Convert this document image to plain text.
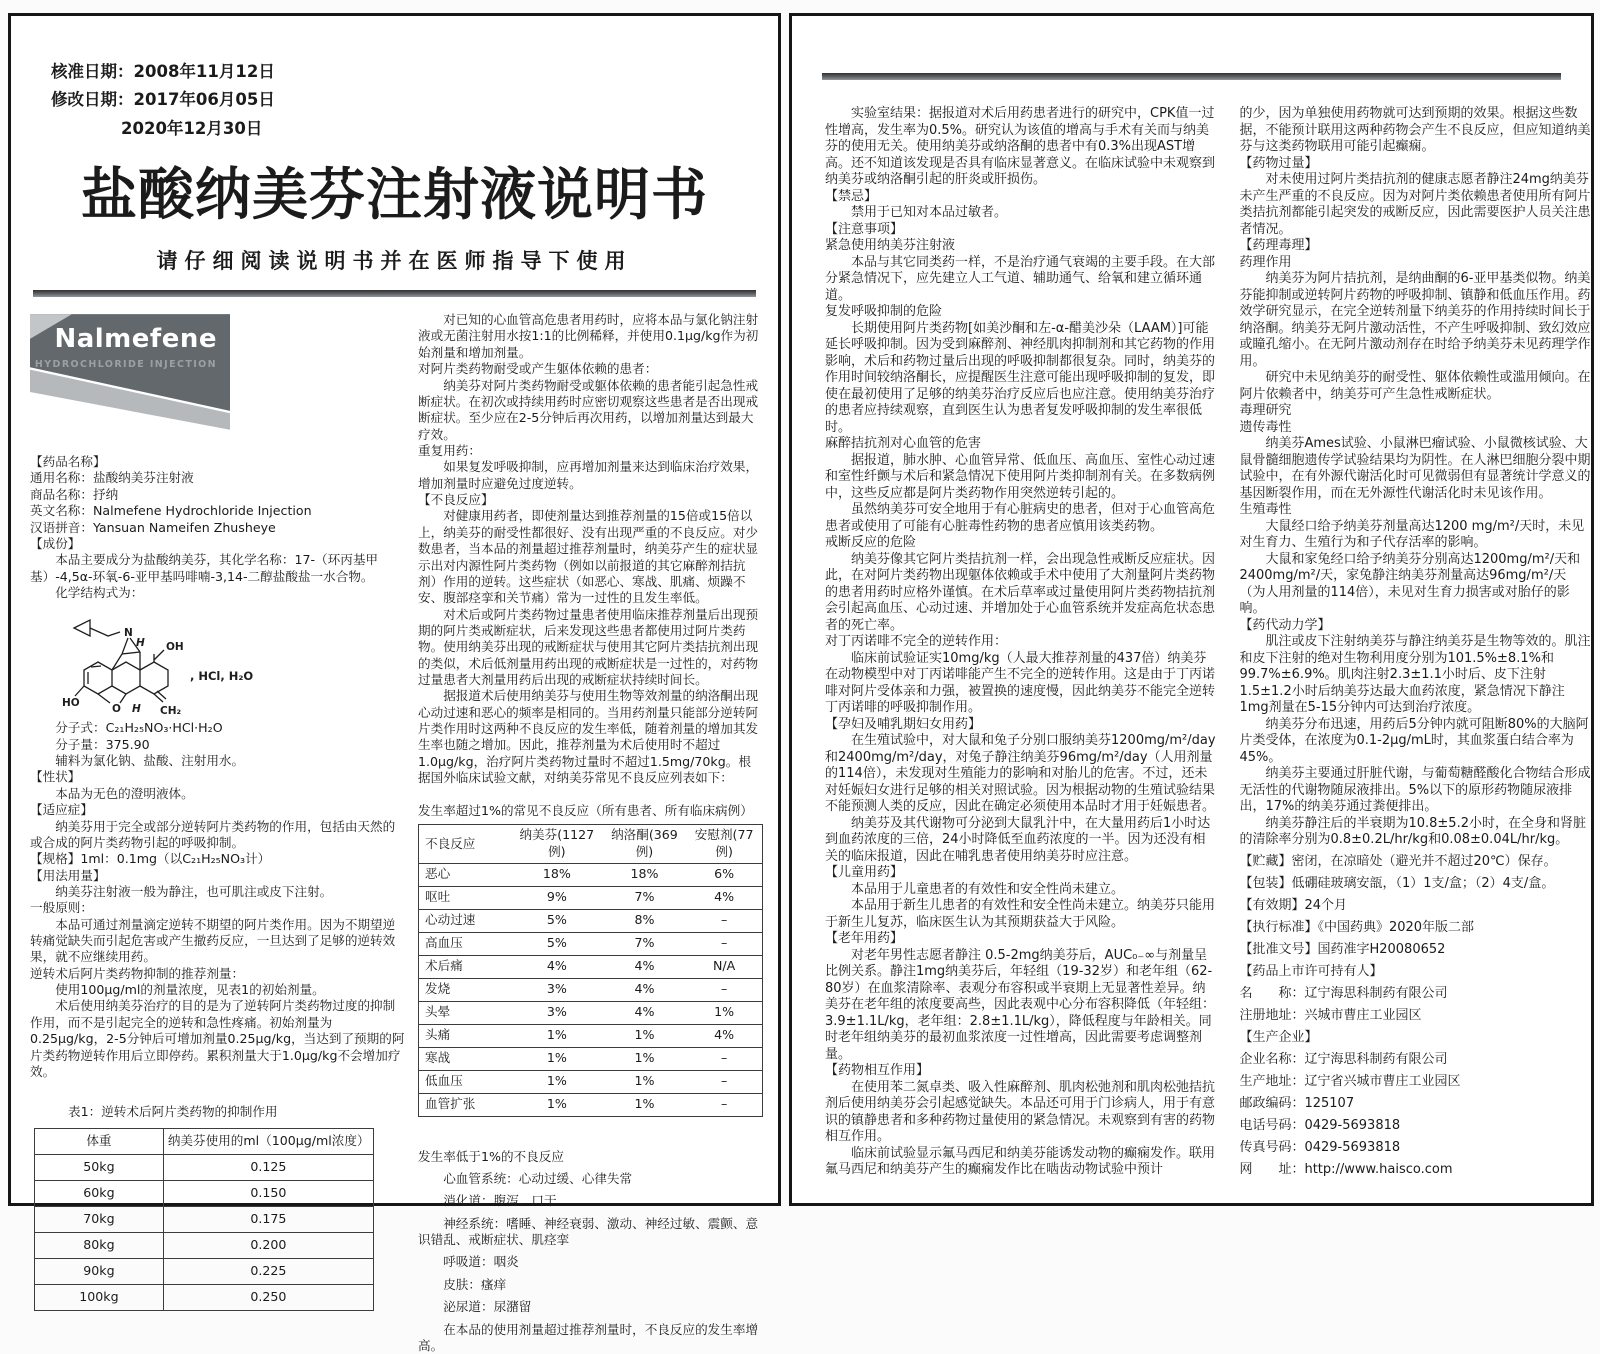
核准日期：2008年11月12日
修改日期：2017年06月05日
2020年12月30日
盐酸纳美芬注射液说明书
请仔细阅读说明书并在医师指导下使用
Nalmefene
HYDROCHLORIDE INJECTION
【药品名称】
通用名称：盐酸纳美芬注射液
商品名称：抒纳
英文名称：Nalmefene Hydrochloride Injection
汉语拼音：Yansuan Nameifen Zhusheye
【成份】
本品主要成分为盐酸纳美芬，其化学名称：17-（环丙基甲基）-4,5α-环氧-6-亚甲基吗啡喃-3,14-二醇盐酸盐一水合物。
化学结构式为：
N
H OH
HO	O H CH₂
, HCl, H₂O
分子式：C₂₁H₂₅NO₃·HCl·H₂O
分子量：375.90
辅料为氯化钠、盐酸、注射用水。
【性状】
本品为无色的澄明液体。
【适应症】
纳美芬用于完全或部分逆转阿片类药物的作用，包括由天然的或合成的阿片类药物引起的呼吸抑制。
【规格】1ml：0.1mg（以C₂₁H₂₅NO₃计）
【用法用量】
纳美芬注射液一般为静注，也可肌注或皮下注射。
一般原则：
本品可通过剂量滴定逆转不期望的阿片类作用。因为不期望逆转痛觉缺失而引起危害或产生撤药反应，一旦达到了足够的逆转效果，就不应继续用药。
逆转术后阿片类药物抑制的推荐剂量：
使用100μg/ml的剂量浓度，见表1的初始剂量。
术后使用纳美芬治疗的目的是为了逆转阿片类药物过度的抑制作用，而不是引起完全的逆转和急性疼痛。初始剂量为0.25μg/kg，2-5分钟后可增加剂量0.25μg/kg，当达到了预期的阿片类药物逆转作用后立即停药。累积剂量大于1.0μg/kg不会增加疗效。
表1：逆转术后阿片类药物的抑制作用
体重	纳美芬使用的ml（100μg/ml浓度）
50kg	0.125
60kg	0.150
70kg	0.175
80kg	0.200
90kg	0.225
100kg	0.250
对已知的心血管高危患者用药时，应将本品与氯化钠注射液或无菌注射用水按1:1的比例稀释，并使用0.1μg/kg作为初始剂量和增加剂量。
对阿片类药物耐受或产生躯体依赖的患者：
纳美芬对阿片类药物耐受或躯体依赖的患者能引起急性戒断症状。在初次或持续用药时应密切观察这些患者是否出现戒断症状。至少应在2-5分钟后再次用药，以增加剂量达到最大疗效。
重复用药：
如果复发呼吸抑制，应再增加剂量来达到临床治疗效果，增加剂量时应避免过度逆转。
【不良反应】
对健康用药者，即使剂量达到推荐剂量的15倍或15倍以上，纳美芬的耐受性都很好、没有出现严重的不良反应。对少数患者，当本品的剂量超过推荐剂量时，纳美芬产生的症状显示出对内源性阿片类药物（例如以前报道的其它麻醉剂拮抗剂）作用的逆转。这些症状（如恶心、寒战、肌痛、烦躁不安、腹部痉挛和关节痛）常为一过性的且发生率低。
对术后或阿片类药物过量患者使用临床推荐剂量后出现预期的阿片类戒断症状，后来发现这些患者都使用过阿片类药物。使用纳美芬出现的戒断症状与使用其它阿片类拮抗剂出现的类似，术后低剂量用药出现的戒断症状是一过性的，对药物过量患者大剂量用药后出现的戒断症状持续时间长。
据报道术后使用纳美芬与使用生物等效剂量的纳洛酮出现心动过速和恶心的频率是相同的。当用药剂量只能部分逆转阿片类作用时这两种不良反应的发生率低，随着剂量的增加其发生率也随之增加。因此，推荐剂量为术后使用时不超过1.0μg/kg，治疗阿片类药物过量时不超过1.5mg/70kg。根据国外临床试验文献，对纳美芬常见不良反应列表如下：
发生率超过1%的常见不良反应（所有患者、所有临床病例）
不良反应	纳美芬(1127例)	纳洛酮(369例)	安慰剂(77例)
恶心	18%	18%	6%
呕吐	9%	7%	4%
心动过速	5%	8%	–
高血压	5%	7%	–
术后痛	4%	4%	N/A
发烧	3%	4%	–
头晕	3%	4%	1%
头痛	1%	1%	4%
寒战	1%	1%	–
低血压	1%	1%	–
血管扩张	1%	1%	–
发生率低于1%的不良反应
心血管系统：心动过缓、心律失常
消化道：腹泻、口干
神经系统：嗜睡、神经衰弱、激动、神经过敏、震颤、意识错乱、戒断症状、肌痉挛
呼吸道：咽炎
皮肤：瘙痒
泌尿道：尿潴留
在本品的使用剂量超过推荐剂量时，不良反应的发生率增高。
实验室结果：据报道对术后用药患者进行的研究中，CPK值一过性增高，发生率为0.5%。研究认为该值的增高与手术有关而与纳美芬的使用无关。使用纳美芬或纳洛酮的患者中有0.3%出现AST增高。还不知道该发现是否具有临床显著意义。在临床试验中未观察到纳美芬或纳洛酮引起的肝炎或肝损伤。
【禁忌】
禁用于已知对本品过敏者。
【注意事项】
紧急使用纳美芬注射液
本品与其它同类药一样，不是治疗通气衰竭的主要手段。在大部分紧急情况下，应先建立人工气道、辅助通气、给氧和建立循环通道。
复发呼吸抑制的危险
长期使用阿片类药物[如美沙酮和左-α-醋美沙朵（LAAM）]可能延长呼吸抑制。因为受到麻醉剂、神经肌肉抑制剂和其它药物的作用影响，术后和药物过量后出现的呼吸抑制都很复杂。同时，纳美芬的作用时间较纳洛酮长，应提醒医生注意可能出现呼吸抑制的复发，即使在最初使用了足够的纳美芬治疗反应后也应注意。使用纳美芬治疗的患者应持续观察，直到医生认为患者复发呼吸抑制的发生率很低时。
麻醉拮抗剂对心血管的危害
据报道，肺水肿、心血管异常、低血压、高血压、室性心动过速和室性纤颤与术后和紧急情况下使用阿片类抑制剂有关。在多数病例中，这些反应都是阿片类药物作用突然逆转引起的。
虽然纳美芬可安全地用于有心脏病史的患者，但对于心血管高危患者或使用了可能有心脏毒性药物的患者应慎用该类药物。
戒断反应的危险
纳美芬像其它阿片类拮抗剂一样，会出现急性戒断反应症状。因此，在对阿片类药物出现躯体依赖或手术中使用了大剂量阿片类药物的患者用药时应格外谨慎。在术后草率或过量使用阿片类药物拮抗剂会引起高血压、心动过速、并增加处于心血管系统并发症高危状态患者的死亡率。
对丁丙诺啡不完全的逆转作用：
临床前试验证实10mg/kg（人最大推荐剂量的437倍）纳美芬在动物模型中对丁丙诺啡能产生不完全的逆转作用。这是由于丁丙诺啡对阿片受体亲和力强，被置换的速度慢，因此纳美芬不能完全逆转丁丙诺啡的呼吸抑制作用。
【孕妇及哺乳期妇女用药】
在生殖试验中，对大鼠和兔子分别口服纳美芬1200mg/m²/day和2400mg/m²/day，对兔子静注纳美芬96mg/m²/day（人用剂量的114倍），未发现对生殖能力的影响和对胎儿的危害。不过，还未对妊娠妇女进行足够的相关对照试验。因为根据动物的生殖试验结果不能预测人类的反应，因此在确定必须使用本品时才用于妊娠患者。
纳美芬及其代谢物可分泌到大鼠乳汁中，在大量用药后1小时达到血药浓度的三倍，24小时降低至血药浓度的一半。因为还没有相关的临床报道，因此在哺乳患者使用纳美芬时应注意。
【儿童用药】
本品用于儿童患者的有效性和安全性尚未建立。
本品用于新生儿患者的有效性和安全性尚未建立。纳美芬只能用于新生儿复苏，临床医生认为其预期获益大于风险。
【老年用药】
对老年男性志愿者静注 0.5-2mg纳美芬后，AUC₀₋∞与剂量呈比例关系。静注1mg纳美芬后，年轻组（19-32岁）和老年组（62-80岁）在血浆清除率、表观分布容积或半衰期上无显著性差异。纳美芬在老年组的浓度要高些，因此表观中心分布容积降低（年轻组：3.9±1.1L/kg，老年组：2.8±1.1L/kg），降低程度与年龄相关。同时老年组纳美芬的最初血浆浓度一过性增高，因此需要考虑调整剂量。
【药物相互作用】
在使用苯二氮卓类、吸入性麻醉剂、肌肉松弛剂和肌肉松弛拮抗剂后使用纳美芬会引起感觉缺失。本品还可用于门诊病人，用于有意识的镇静患者和多种药物过量使用的紧急情况。未观察到有害的药物相互作用。
临床前试验显示氟马西尼和纳美芬能诱发动物的癫痫发作。联用氟马西尼和纳美芬产生的癫痫发作比在啮齿动物试验中预计
的少，因为单独使用药物就可达到预期的效果。根据这些数据，不能预计联用这两种药物会产生不良反应，但应知道纳美芬与这类药物联用可能引起癫痫。
【药物过量】
对未使用过阿片类拮抗剂的健康志愿者静注24mg纳美芬未产生严重的不良反应。因为对阿片类依赖患者使用所有阿片类拮抗剂都能引起突发的戒断反应，因此需要医护人员关注患者情况。
【药理毒理】
药理作用
纳美芬为阿片拮抗剂，是纳曲酮的6-亚甲基类似物。纳美芬能抑制或逆转阿片药物的呼吸抑制、镇静和低血压作用。药效学研究显示，在完全逆转剂量下纳美芬的作用持续时间长于纳洛酮。纳美芬无阿片激动活性，不产生呼吸抑制、致幻效应或瞳孔缩小。在无阿片激动剂存在时给予纳美芬未见药理学作用。
研究中未见纳美芬的耐受性、躯体依赖性或滥用倾向。在阿片依赖者中，纳美芬可产生急性戒断症状。
毒理研究
遗传毒性
纳美芬Ames试验、小鼠淋巴瘤试验、小鼠微核试验、大鼠骨髓细胞遗传学试验结果均为阴性。在人淋巴细胞分裂中期试验中，在有外源代谢活化时可见微弱但有显著统计学意义的基因断裂作用，而在无外源性代谢活化时未见该作用。
生殖毒性
大鼠经口给予纳美芬剂量高达1200 mg/m²/天时，未见对生育力、生殖行为和子代存活率的影响。
大鼠和家兔经口给予纳美芬分别高达1200mg/m²/天和2400mg/m²/天，家兔静注纳美芬剂量高达96mg/m²/天（为人用剂量的114倍），未见对生育力损害或对胎仔的影响。
【药代动力学】
肌注或皮下注射纳美芬与静注纳美芬是生物等效的。肌注和皮下注射的绝对生物利用度分别为101.5%±8.1%和99.7%±6.9%。肌肉注射2.3±1.1小时后、皮下注射1.5±1.2小时后纳美芬达最大血药浓度，紧急情况下静注1mg剂量在5-15分钟内可达到治疗浓度。
纳美芬分布迅速，用药后5分钟内就可阻断80%的大脑阿片类受体，在浓度为0.1-2μg/mL时，其血浆蛋白结合率为45%。
纳美芬主要通过肝脏代谢，与葡萄糖醛酸化合物结合形成无活性的代谢物随尿液排出。5%以下的原形药物随尿液排出，17%的纳美芬通过粪便排出。
纳美芬静注后的半衰期为10.8±5.2小时，在全身和肾脏的清除率分别为0.8±0.2L/hr/kg和0.08±0.04L/hr/kg。
【贮藏】密闭，在凉暗处（避光并不超过20℃）保存。
【包装】低硼硅玻璃安瓿，（1）1支/盒；（2）4支/盒。
【有效期】24个月
【执行标准】《中国药典》2020年版二部
【批准文号】国药准字H20080652
【药品上市许可持有人】
名　　称：辽宁海思科制药有限公司
注册地址：兴城市曹庄工业园区
【生产企业】
企业名称：辽宁海思科制药有限公司
生产地址：辽宁省兴城市曹庄工业园区
邮政编码：125107
电话号码：0429-5693818
传真号码：0429-5693818
网　　址：http://www.haisco.com
